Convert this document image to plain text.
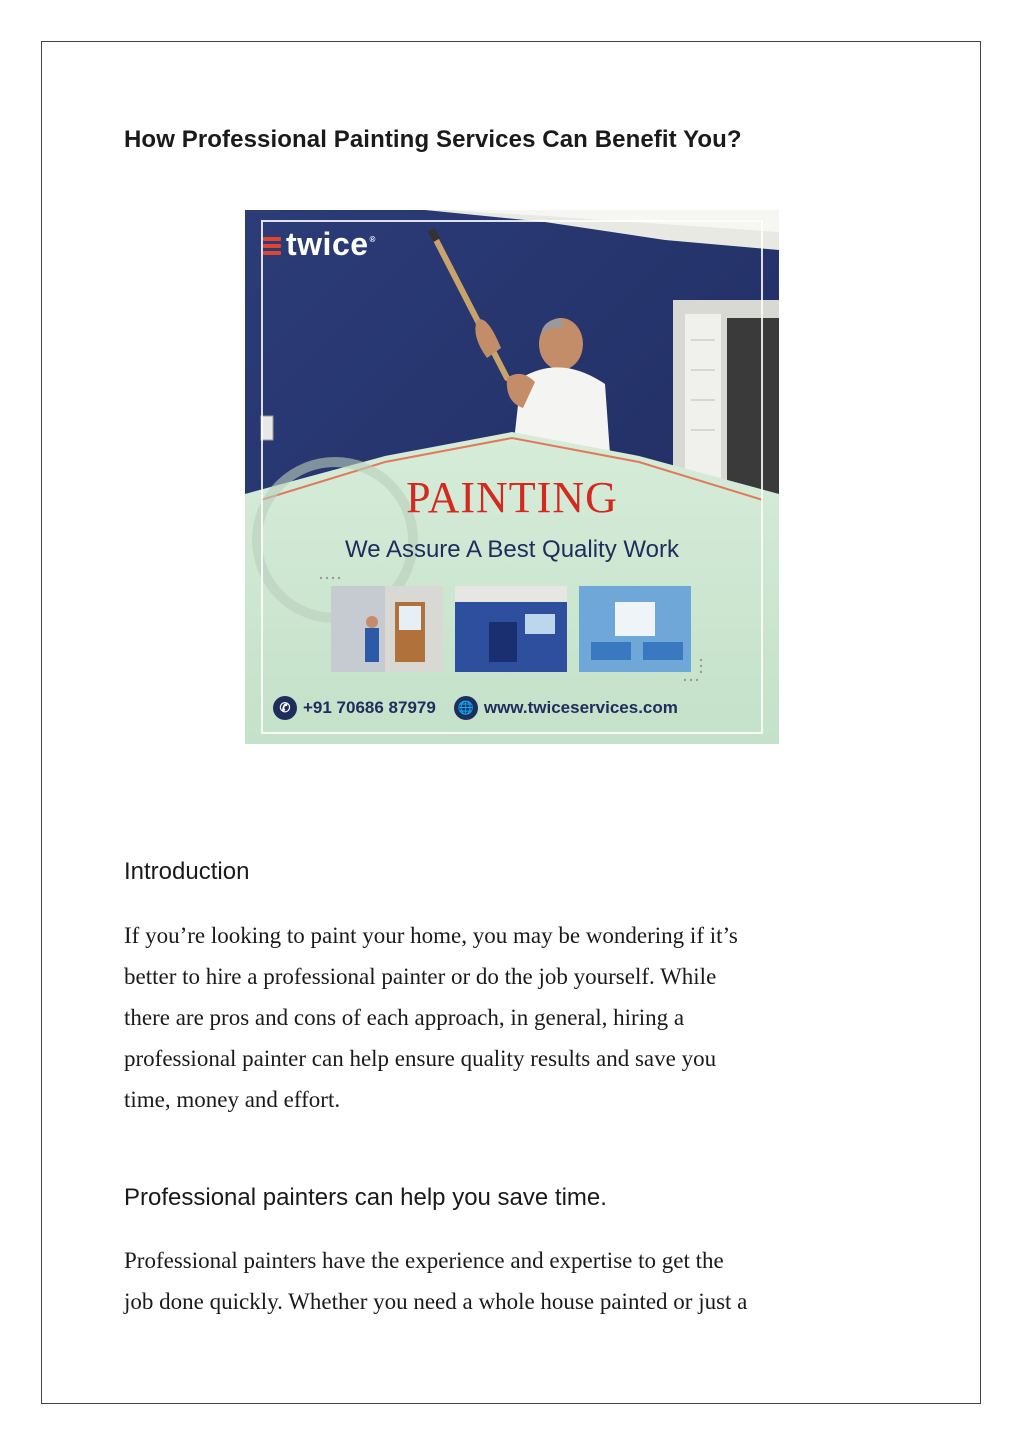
How Professional Painting Services Can Benefit You?
twice ®

PAINTING

We Assure A Best Quality Work

✆ +91 70686 87979	🌐 www.twiceservices.com
Introduction
If you’re looking to paint your home, you may be wondering if it’s
better to hire a professional painter or do the job yourself. While
there are pros and cons of each approach, in general, hiring a
professional painter can help ensure quality results and save you
time, money and effort.
Professional painters can help you save time.
Professional painters have the experience and expertise to get the
job done quickly. Whether you need a whole house painted or just a
